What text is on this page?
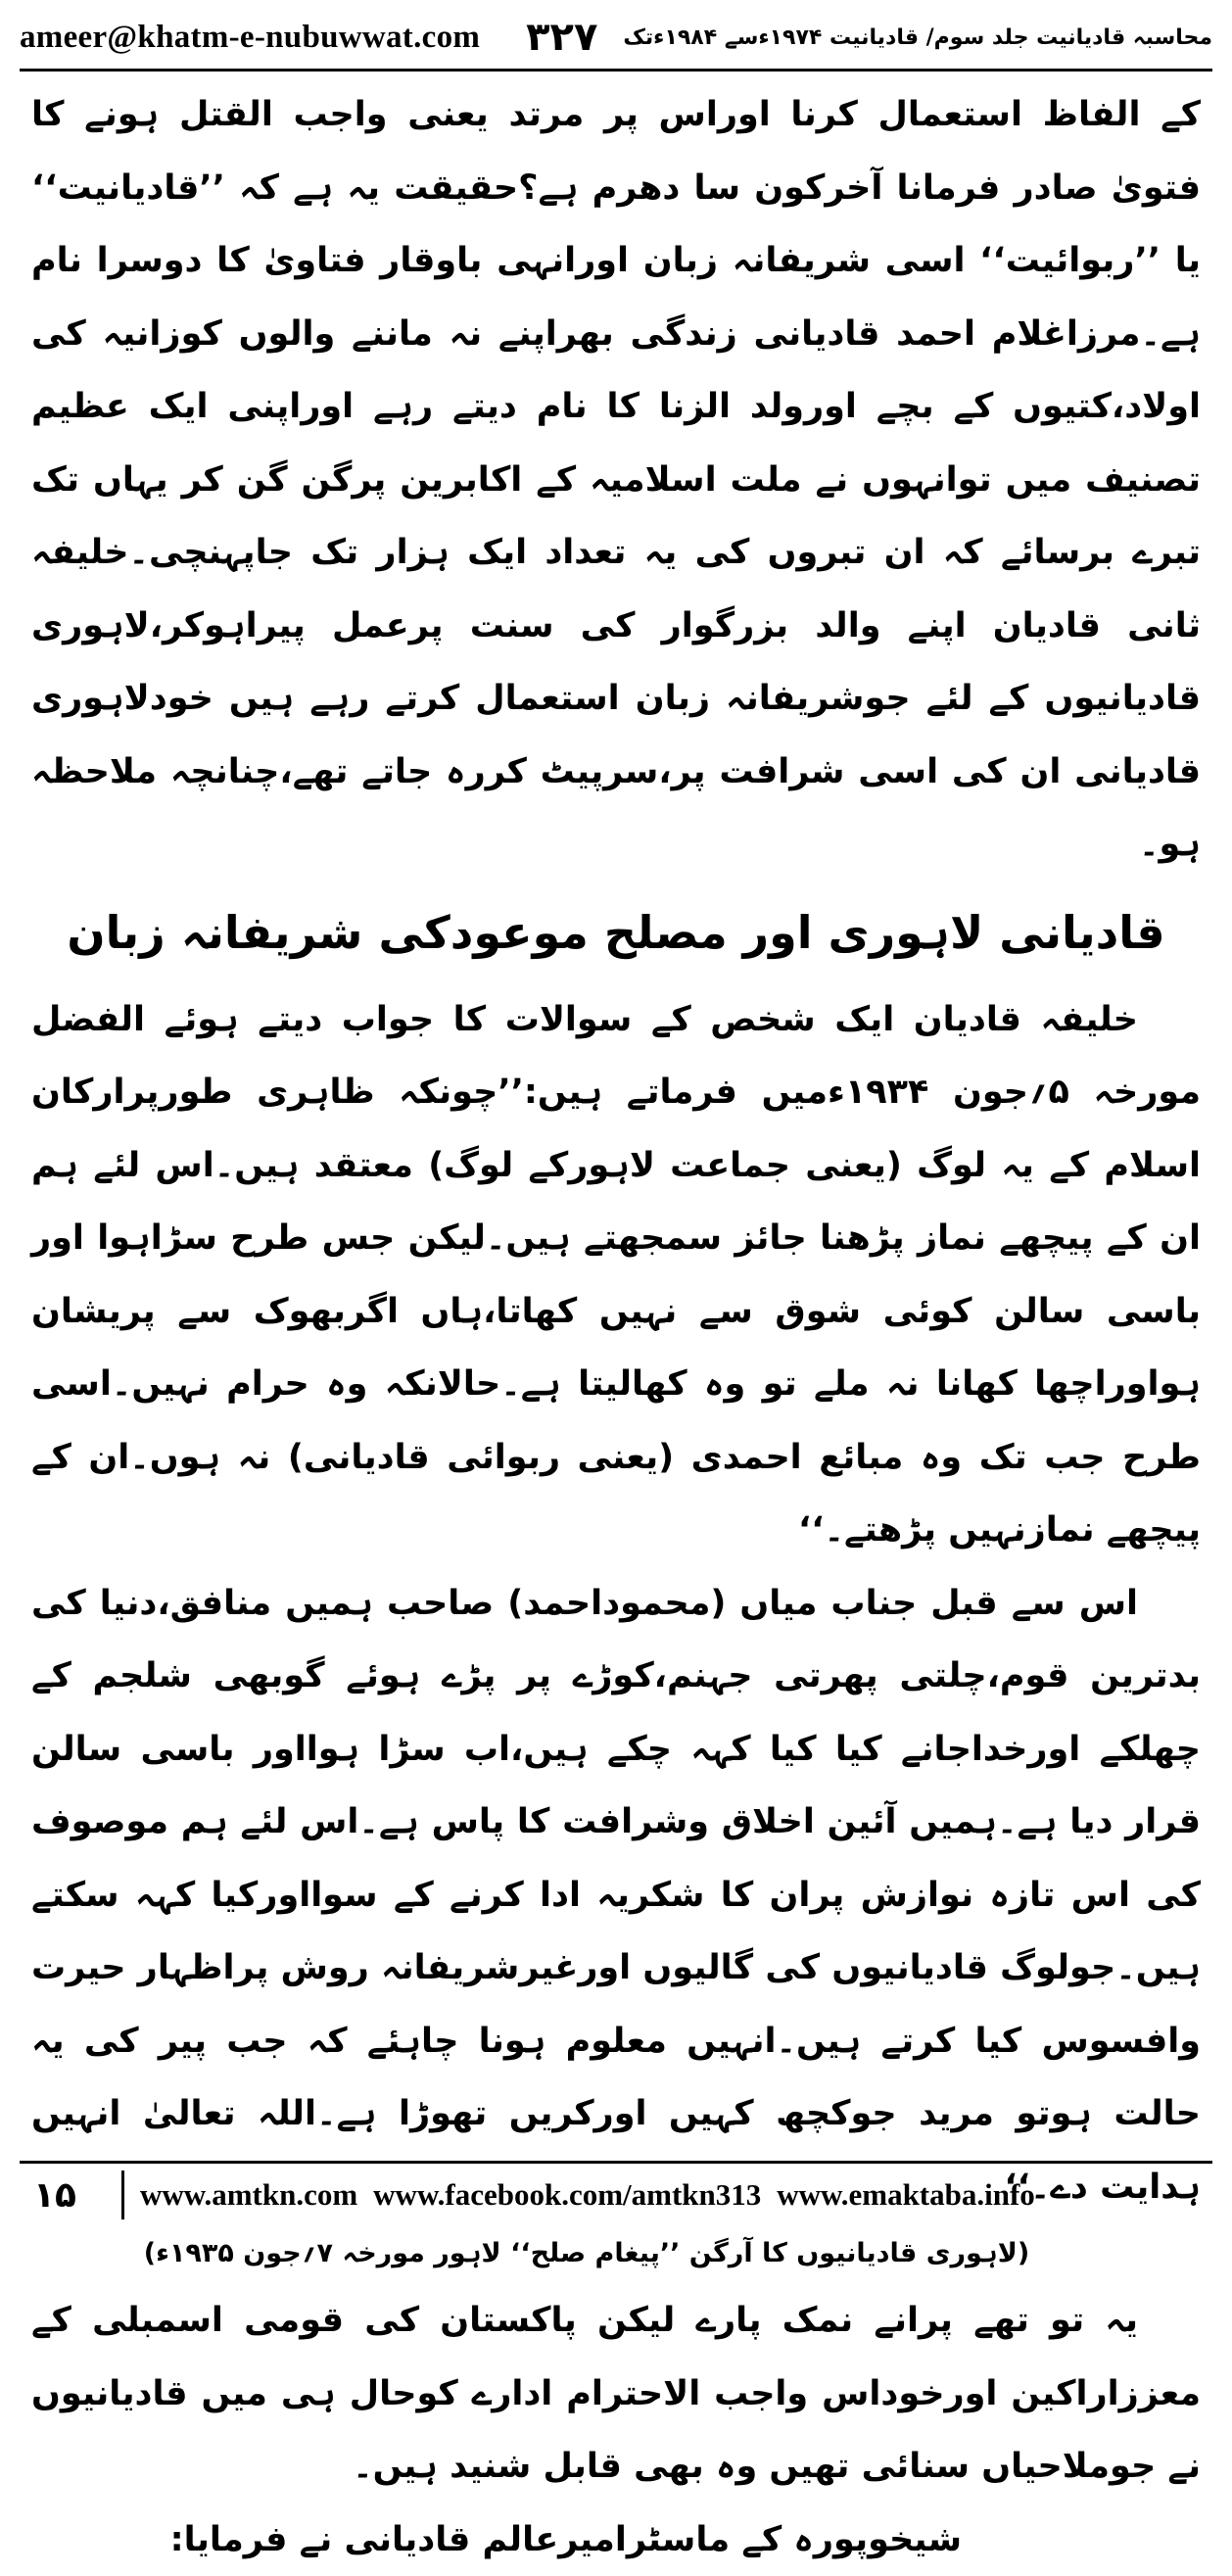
ameer@khatm-e-nubuwwat.com	محاسبہ قادیانیت جلد سوم/ قادیانیت ۱۹۷۴ءسے ۱۹۸۴ءتک
۳۲۷

کے الفاظ استعمال کرنا اوراس پر مرتد یعنی واجب القتل ہونے کا فتویٰ صادر فرمانا آخرکون سا دھرم ہے؟حقیقت یہ ہے کہ ’’قادیانیت‘‘ یا ’’ربوائیت‘‘ اسی شریفانہ زبان اورانہی باوقار فتاویٰ کا دوسرا نام ہے۔مرزاغلام احمد قادیانی زندگی بھراپنے نہ ماننے والوں کوزانیہ کی اولاد،کتیوں کے بچے اورولد الزنا کا نام دیتے رہے اوراپنی ایک عظیم تصنیف میں توانہوں نے ملت اسلامیہ کے اکابرین پرگن گن کر یہاں تک تبرے برسائے کہ ان تبروں کی یہ تعداد ایک ہزار تک جاپہنچی۔خلیفہ ثانی قادیان اپنے والد بزرگوار کی سنت پرعمل پیراہوکر،لاہوری قادیانیوں کے لئے جوشریفانہ زبان استعمال کرتے رہے ہیں خودلاہوری قادیانی ان کی اسی شرافت پر،سرپیٹ کررہ جاتے تھے،چنانچہ ملاحظہ ہو۔

قادیانی لاہوری اور مصلح موعودکی شریفانہ زبان

خلیفہ قادیان ایک شخص کے سوالات کا جواب دیتے ہوئے الفضل مورخہ ۵؍جون ۱۹۳۴ءمیں فرماتے ہیں:’’چونکہ ظاہری طورپرارکان اسلام کے یہ لوگ (یعنی جماعت لاہورکے لوگ) معتقد ہیں۔اس لئے ہم ان کے پیچھے نماز پڑھنا جائز سمجھتے ہیں۔لیکن جس طرح سڑاہوا اور باسی سالن کوئی شوق سے نہیں کھاتا،ہاں اگربھوک سے پریشان ہواوراچھا کھانا نہ ملے تو وہ کھالیتا ہے۔حالانکہ وہ حرام نہیں۔اسی طرح جب تک وہ مبائع احمدی (یعنی ربوائی قادیانی) نہ ہوں۔ان کے پیچھے نمازنہیں پڑھتے۔‘‘

اس سے قبل جناب میاں (محموداحمد) صاحب ہمیں منافق،دنیا کی بدترین قوم،چلتی پھرتی جہنم،کوڑے پر پڑے ہوئے گوبھی شلجم کے چھلکے اورخداجانے کیا کیا کہہ چکے ہیں،اب سڑا ہوااور باسی سالن قرار دیا ہے۔ہمیں آئین اخلاق وشرافت کا پاس ہے۔اس لئے ہم موصوف کی اس تازہ نوازش پران کا شکریہ ادا کرنے کے سوااورکیا کہہ سکتے ہیں۔جولوگ قادیانیوں کی گالیوں اورغیرشریفانہ روش پراظہار حیرت وافسوس کیا کرتے ہیں۔انہیں معلوم ہونا چاہئے کہ جب پیر کی یہ حالت ہوتو مرید جوکچھ کہیں اورکریں تھوڑا ہے۔اللہ تعالیٰ انہیں ہدایت دے۔‘‘

(لاہوری قادیانیوں کا آرگن ’’پیغام صلح‘‘ لاہور مورخہ ۷؍جون ۱۹۳۵ء)

یہ تو تھے پرانے نمک پارے لیکن پاکستان کی قومی اسمبلی کے معززاراکین اورخوداس واجب الاحترام ادارے کوحال ہی میں قادیانیوں نے جوملاحیاں سنائی تھیں وہ بھی قابل شنید ہیں۔

شیخوپورہ کے ماسٹرامیرعالم قادیانی نے فرمایا:

۱۵	www.amtkn.com www.facebook.com/amtkn313 www.emaktaba.info
